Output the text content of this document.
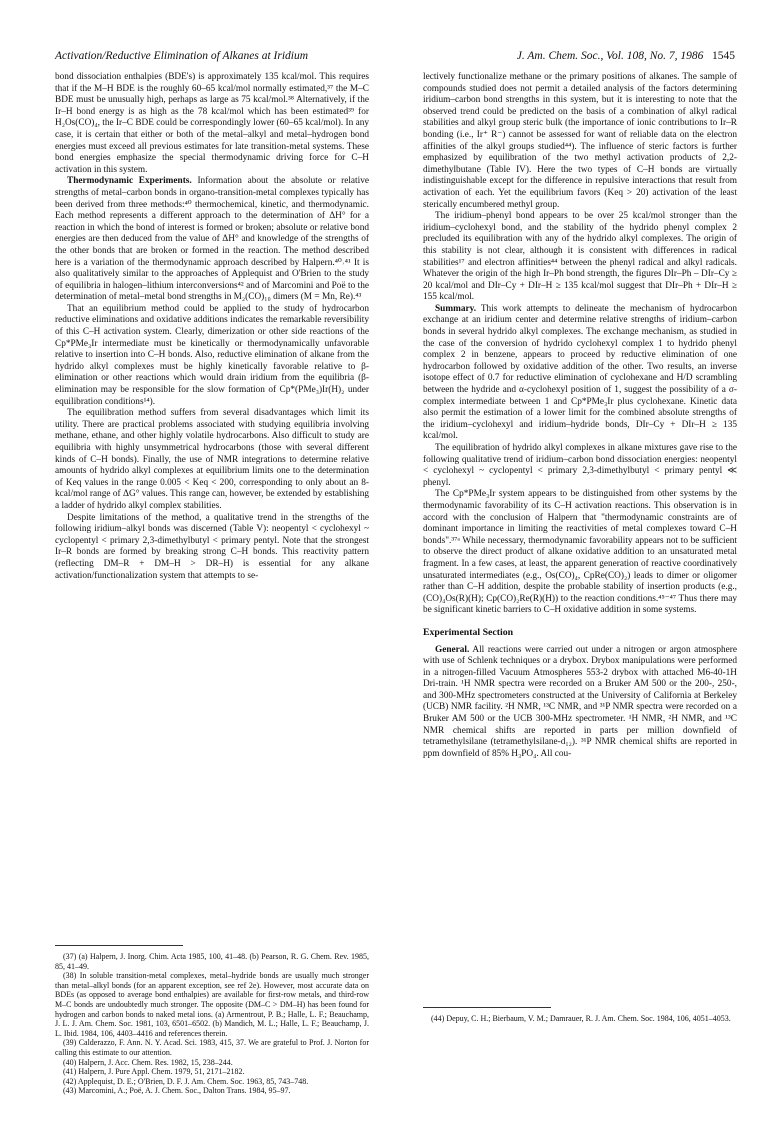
Activation/Reductive Elimination of Alkanes at Iridium	J. Am. Chem. Soc., Vol. 108, No. 7, 1986 1545

bond dissociation enthalpies (BDE's) is approximately 135 kcal/mol. This requires that if the M–H BDE is the roughly 60–65 kcal/mol normally estimated,³⁷ the M–C BDE must be unusually high, perhaps as large as 75 kcal/mol.³⁸ Alternatively, if the Ir–H bond energy is as high as the 78 kcal/mol which has been estimated³⁹ for H₂Os(CO)₄, the Ir–C BDE could be correspondingly lower (60–65 kcal/mol). In any case, it is certain that either or both of the metal–alkyl and metal–hydrogen bond energies must exceed all previous estimates for late transition-metal systems. These bond energies emphasize the special thermodynamic driving force for C–H activation in this system.

Thermodynamic Experiments. Information about the absolute or relative strengths of metal–carbon bonds in organo-transition-metal complexes typically has been derived from three methods:⁴⁰ thermochemical, kinetic, and thermodynamic. Each method represents a different approach to the determination of ΔH° for a reaction in which the bond of interest is formed or broken; absolute or relative bond energies are then deduced from the value of ΔH° and knowledge of the strengths of the other bonds that are broken or formed in the reaction. The method described here is a variation of the thermodynamic approach described by Halpern.⁴⁰˒⁴¹ It is also qualitatively similar to the approaches of Applequist and O'Brien to the study of equilibria in halogen–lithium interconversions⁴² and of Marcomini and Poë to the determination of metal–metal bond strengths in M₂(CO)₁₀ dimers (M = Mn, Re).⁴³

That an equilibrium method could be applied to the study of hydrocarbon reductive eliminations and oxidative additions indicates the remarkable reversibility of this C–H activation system. Clearly, dimerization or other side reactions of the Cp*PMe₃Ir intermediate must be kinetically or thermodynamically unfavorable relative to insertion into C–H bonds. Also, reductive elimination of alkane from the hydrido alkyl complexes must be highly kinetically favorable relative to β-elimination or other reactions which would drain iridium from the equilibria (β-elimination may be responsible for the slow formation of Cp*(PMe₃)Ir(H)₂ under equilibration conditions¹⁴).

The equilibration method suffers from several disadvantages which limit its utility. There are practical problems associated with studying equilibria involving methane, ethane, and other highly volatile hydrocarbons. Also difficult to study are equilibria with highly unsymmetrical hydrocarbons (those with several different kinds of C–H bonds). Finally, the use of NMR integrations to determine relative amounts of hydrido alkyl complexes at equilibrium limits one to the determination of Keq values in the range 0.005 < Keq < 200, corresponding to only about an 8-kcal/mol range of ΔG° values. This range can, however, be extended by establishing a ladder of hydrido alkyl complex stabilities.

Despite limitations of the method, a qualitative trend in the strengths of the following iridium–alkyl bonds was discerned (Table V): neopentyl < cyclohexyl ~ cyclopentyl < primary 2,3-dimethylbutyl < primary pentyl. Note that the strongest Ir–R bonds are formed by breaking strong C–H bonds. This reactivity pattern (reflecting DM–R + DM–H > DR–H) is essential for any alkane activation/functionalization system that attempts to se-

lectively functionalize methane or the primary positions of alkanes. The sample of compounds studied does not permit a detailed analysis of the factors determining iridium–carbon bond strengths in this system, but it is interesting to note that the observed trend could be predicted on the basis of a combination of alkyl radical stabilities and alkyl group steric bulk (the importance of ionic contributions to Ir–R bonding (i.e., Ir⁺ R⁻) cannot be assessed for want of reliable data on the electron affinities of the alkyl groups studied⁴⁴). The influence of steric factors is further emphasized by equilibration of the two methyl activation products of 2,2-dimethylbutane (Table IV). Here the two types of C–H bonds are virtually indistinguishable except for the difference in repulsive interactions that result from activation of each. Yet the equilibrium favors (Keq > 20) activation of the least sterically encumbered methyl group.

The iridium–phenyl bond appears to be over 25 kcal/mol stronger than the iridium–cyclohexyl bond, and the stability of the hydrido phenyl complex 2 precluded its equilibration with any of the hydrido alkyl complexes. The origin of this stability is not clear, although it is consistent with differences in radical stabilities¹⁷ and electron affinities⁴⁴ between the phenyl radical and alkyl radicals. Whatever the origin of the high Ir–Ph bond strength, the figures DIr–Ph – DIr–Cy ≥ 20 kcal/mol and DIr–Cy + DIr–H ≥ 135 kcal/mol suggest that DIr–Ph + DIr–H ≥ 155 kcal/mol.

Summary. This work attempts to delineate the mechanism of hydrocarbon exchange at an iridium center and determine relative strengths of iridium–carbon bonds in several hydrido alkyl complexes. The exchange mechanism, as studied in the case of the conversion of hydrido cyclohexyl complex 1 to hydrido phenyl complex 2 in benzene, appears to proceed by reductive elimination of one hydrocarbon followed by oxidative addition of the other. Two results, an inverse isotope effect of 0.7 for reductive elimination of cyclohexane and H/D scrambling between the hydride and α-cyclohexyl position of 1, suggest the possibility of a σ-complex intermediate between 1 and Cp*PMe₃Ir plus cyclohexane. Kinetic data also permit the estimation of a lower limit for the combined absolute strengths of the iridium–cyclohexyl and iridium–hydride bonds, DIr–Cy + DIr–H ≥ 135 kcal/mol.

The equilibration of hydrido alkyl complexes in alkane mixtures gave rise to the following qualitative trend of iridium–carbon bond dissociation energies: neopentyl < cyclohexyl ~ cyclopentyl < primary 2,3-dimethylbutyl < primary pentyl ≪ phenyl.

The Cp*PMe₃Ir system appears to be distinguished from other systems by the thermodynamic favorability of its C–H activation reactions. This observation is in accord with the conclusion of Halpern that "thermodynamic constraints are of dominant importance in limiting the reactivities of metal complexes toward C–H bonds".³⁷ᵃ While necessary, thermodynamic favorability appears not to be sufficient to observe the direct product of alkane oxidative addition to an unsaturated metal fragment. In a few cases, at least, the apparent generation of reactive coordinatively unsaturated intermediates (e.g., Os(CO)₄, CpRe(CO)₂) leads to dimer or oligomer rather than C–H addition, despite the probable stability of insertion products (e.g., (CO)₄Os(R)(H); Cp(CO)₂Re(R)(H)) to the reaction conditions.⁴⁵⁻⁴⁷ Thus there may be significant kinetic barriers to C–H oxidative addition in some systems.

Experimental Section

General. All reactions were carried out under a nitrogen or argon atmosphere with use of Schlenk techniques or a drybox. Drybox manipulations were performed in a nitrogen-filled Vacuum Atmospheres 553-2 drybox with attached M6-40-1H Dri-train. ¹H NMR spectra were recorded on a Bruker AM 500 or the 200-, 250-, and 300-MHz spectrometers constructed at the University of California at Berkeley (UCB) NMR facility. ²H NMR, ¹³C NMR, and ³¹P NMR spectra were recorded on a Bruker AM 500 or the UCB 300-MHz spectrometer. ¹H NMR, ²H NMR, and ¹³C NMR chemical shifts are reported in parts per million downfield of tetramethylsilane (tetramethylsilane-d₁₂). ³¹P NMR chemical shifts are reported in ppm downfield of 85% H₃PO₄. All cou-

(37) (a) Halpern, J. Inorg. Chim. Acta 1985, 100, 41–48. (b) Pearson, R. G. Chem. Rev. 1985, 85, 41–49.

(38) In soluble transition-metal complexes, metal–hydride bonds are usually much stronger than metal–alkyl bonds (for an apparent exception, see ref 2e). However, most accurate data on BDEs (as opposed to average bond enthalpies) are available for first-row metals, and third-row M–C bonds are undoubtedly much stronger. The opposite (DM–C > DM–H) has been found for hydrogen and carbon bonds to naked metal ions. (a) Armentrout, P. B.; Halle, L. F.; Beauchamp, J. L. J. Am. Chem. Soc. 1981, 103, 6501–6502. (b) Mandich, M. L.; Halle, L. F.; Beauchamp, J. L. Ibid. 1984, 106, 4403–4416 and references therein.

(39) Calderazzo, F. Ann. N. Y. Acad. Sci. 1983, 415, 37. We are grateful to Prof. J. Norton for calling this estimate to our attention.

(40) Halpern, J. Acc. Chem. Res. 1982, 15, 238–244.

(41) Halpern, J. Pure Appl. Chem. 1979, 51, 2171–2182.

(42) Applequist, D. E.; O'Brien, D. F. J. Am. Chem. Soc. 1963, 85, 743–748.

(43) Marcomini, A.; Poë, A. J. Chem. Soc., Dalton Trans. 1984, 95–97.

(44) Depuy, C. H.; Bierbaum, V. M.; Damrauer, R. J. Am. Chem. Soc. 1984, 106, 4051–4053.
